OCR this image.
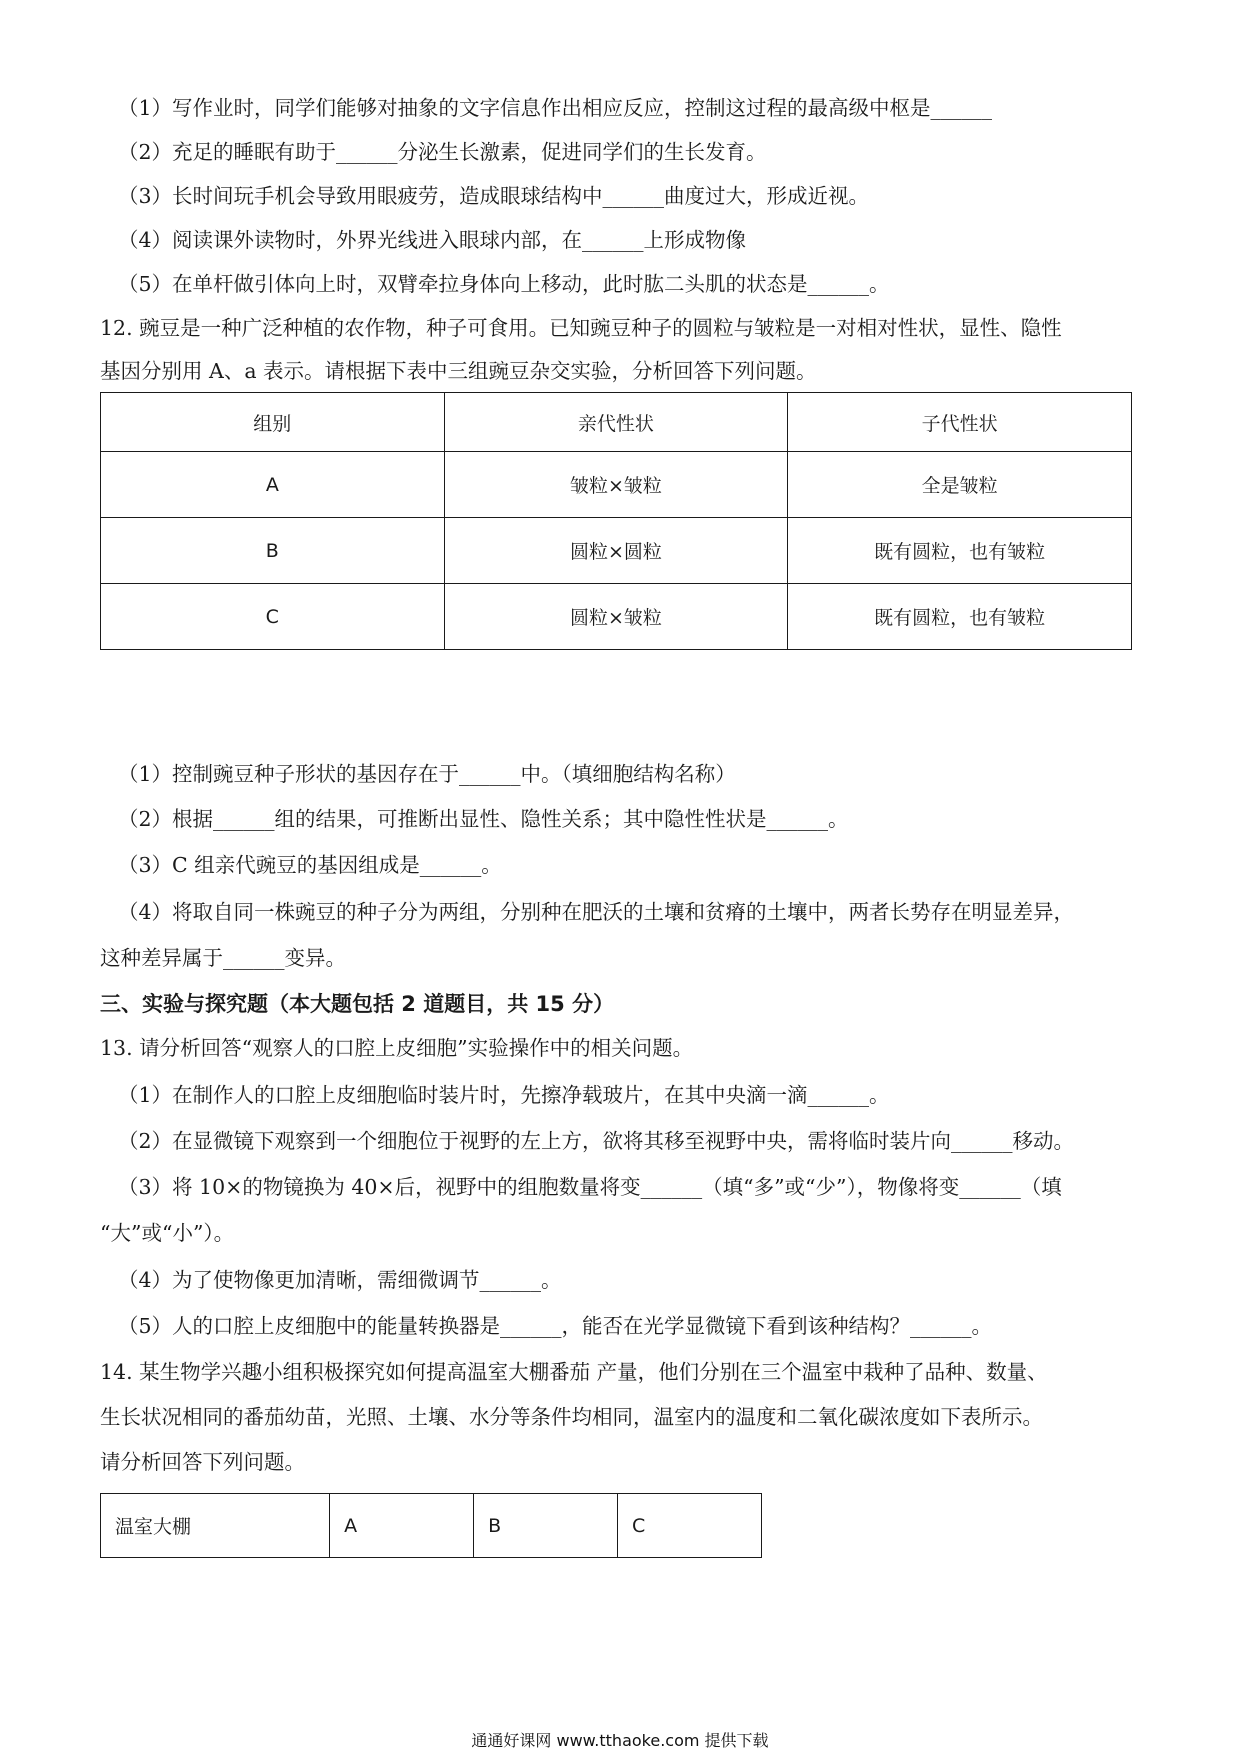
（1）写作业时，同学们能够对抽象的文字信息作出相应反应，控制这过程的最高级中枢是______
（2）充足的睡眠有助于______分泌生长激素，促进同学们的生长发育。
（3）长时间玩手机会导致用眼疲劳，造成眼球结构中______曲度过大，形成近视。
（4）阅读课外读物时，外界光线进入眼球内部，在______上形成物像
（5）在单杆做引体向上时，双臂牵拉身体向上移动，此时肱二头肌的状态是______。
12. 豌豆是一种广泛种植的农作物，种子可食用。已知豌豆种子的圆粒与皱粒是一对相对性状，显性、隐性
基因分别用 A、a 表示。请根据下表中三组豌豆杂交实验，分析回答下列问题。
组别	亲代性状	子代性状
A	皱粒×皱粒	全是皱粒
B	圆粒×圆粒	既有圆粒，也有皱粒
C	圆粒×皱粒	既有圆粒，也有皱粒
（1）控制豌豆种子形状的基因存在于______中。（填细胞结构名称）
（2）根据______组的结果，可推断出显性、隐性关系；其中隐性性状是______。
（3）C 组亲代豌豆的基因组成是______。
（4）将取自同一株豌豆的种子分为两组，分别种在肥沃的土壤和贫瘠的土壤中，两者长势存在明显差异，
这种差异属于______变异。
三、实验与探究题（本大题包括 2 道题目，共 15 分）
13. 请分析回答“观察人的口腔上皮细胞”实验操作中的相关问题。
（1）在制作人的口腔上皮细胞临时装片时，先擦净载玻片，在其中央滴一滴______。
（2）在显微镜下观察到一个细胞位于视野的左上方，欲将其移至视野中央，需将临时装片向______移动。
（3）将 10×的物镜换为 40×后，视野中的组胞数量将变______（填“多”或“少”），物像将变______（填
“大”或“小”）。
（4）为了使物像更加清晰，需细微调节______。
（5）人的口腔上皮细胞中的能量转换器是______，能否在光学显微镜下看到该种结构？______。
14. 某生物学兴趣小组积极探究如何提高温室大棚番茄 产量，他们分别在三个温室中栽种了品种、数量、
生长状况相同的番茄幼苗，光照、土壤、水分等条件均相同，温室内的温度和二氧化碳浓度如下表所示。
请分析回答下列问题。
温室大棚	A	B	C
通通好课网 www.tthaoke.com 提供下载
